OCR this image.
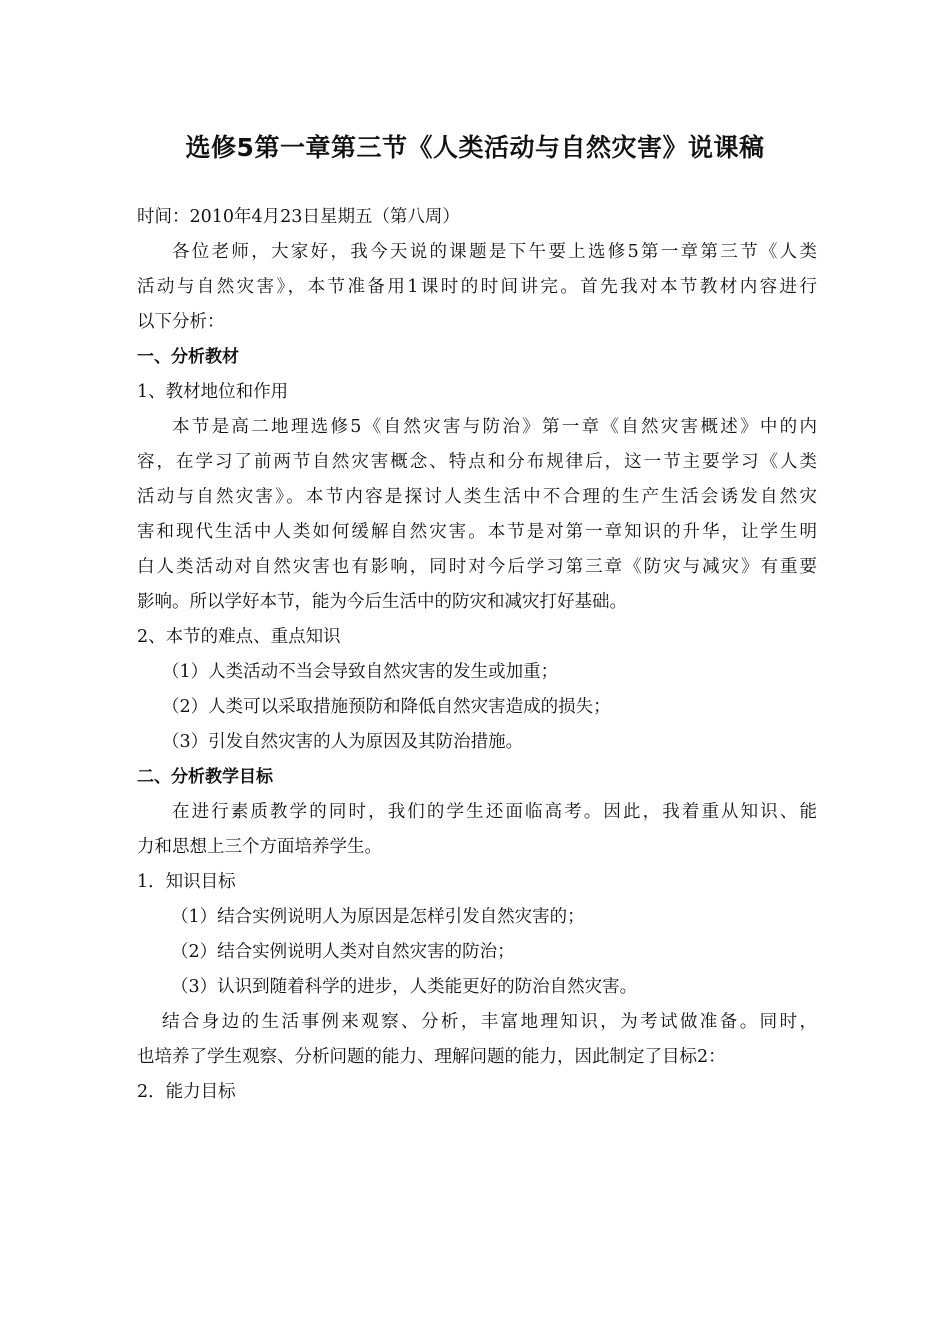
选修5第一章第三节《人类活动与自然灾害》说课稿
时间：2010年4月23日星期五（第八周）
各位老师，大家好，我今天说的课题是下午要上选修5第一章第三节《人类
活动与自然灾害》，本节准备用1课时的时间讲完。首先我对本节教材内容进行
以下分析：
一、分析教材
1、教材地位和作用
本节是高二地理选修5《自然灾害与防治》第一章《自然灾害概述》中的内
容，在学习了前两节自然灾害概念、特点和分布规律后，这一节主要学习《人类
活动与自然灾害》。本节内容是探讨人类生活中不合理的生产生活会诱发自然灾
害和现代生活中人类如何缓解自然灾害。本节是对第一章知识的升华，让学生明
白人类活动对自然灾害也有影响，同时对今后学习第三章《防灾与减灾》有重要
影响。所以学好本节，能为今后生活中的防灾和减灾打好基础。
2、本节的难点、重点知识
（1）人类活动不当会导致自然灾害的发生或加重；
（2）人类可以采取措施预防和降低自然灾害造成的损失；
（3）引发自然灾害的人为原因及其防治措施。
二、分析教学目标
在进行素质教学的同时，我们的学生还面临高考。因此，我着重从知识、能
力和思想上三个方面培养学生。
1．知识目标
（1）结合实例说明人为原因是怎样引发自然灾害的；
（2）结合实例说明人类对自然灾害的防治；
（3）认识到随着科学的进步，人类能更好的防治自然灾害。
结合身边的生活事例来观察、分析，丰富地理知识，为考试做准备。同时，
也培养了学生观察、分析问题的能力、理解问题的能力，因此制定了目标2：
2．能力目标
